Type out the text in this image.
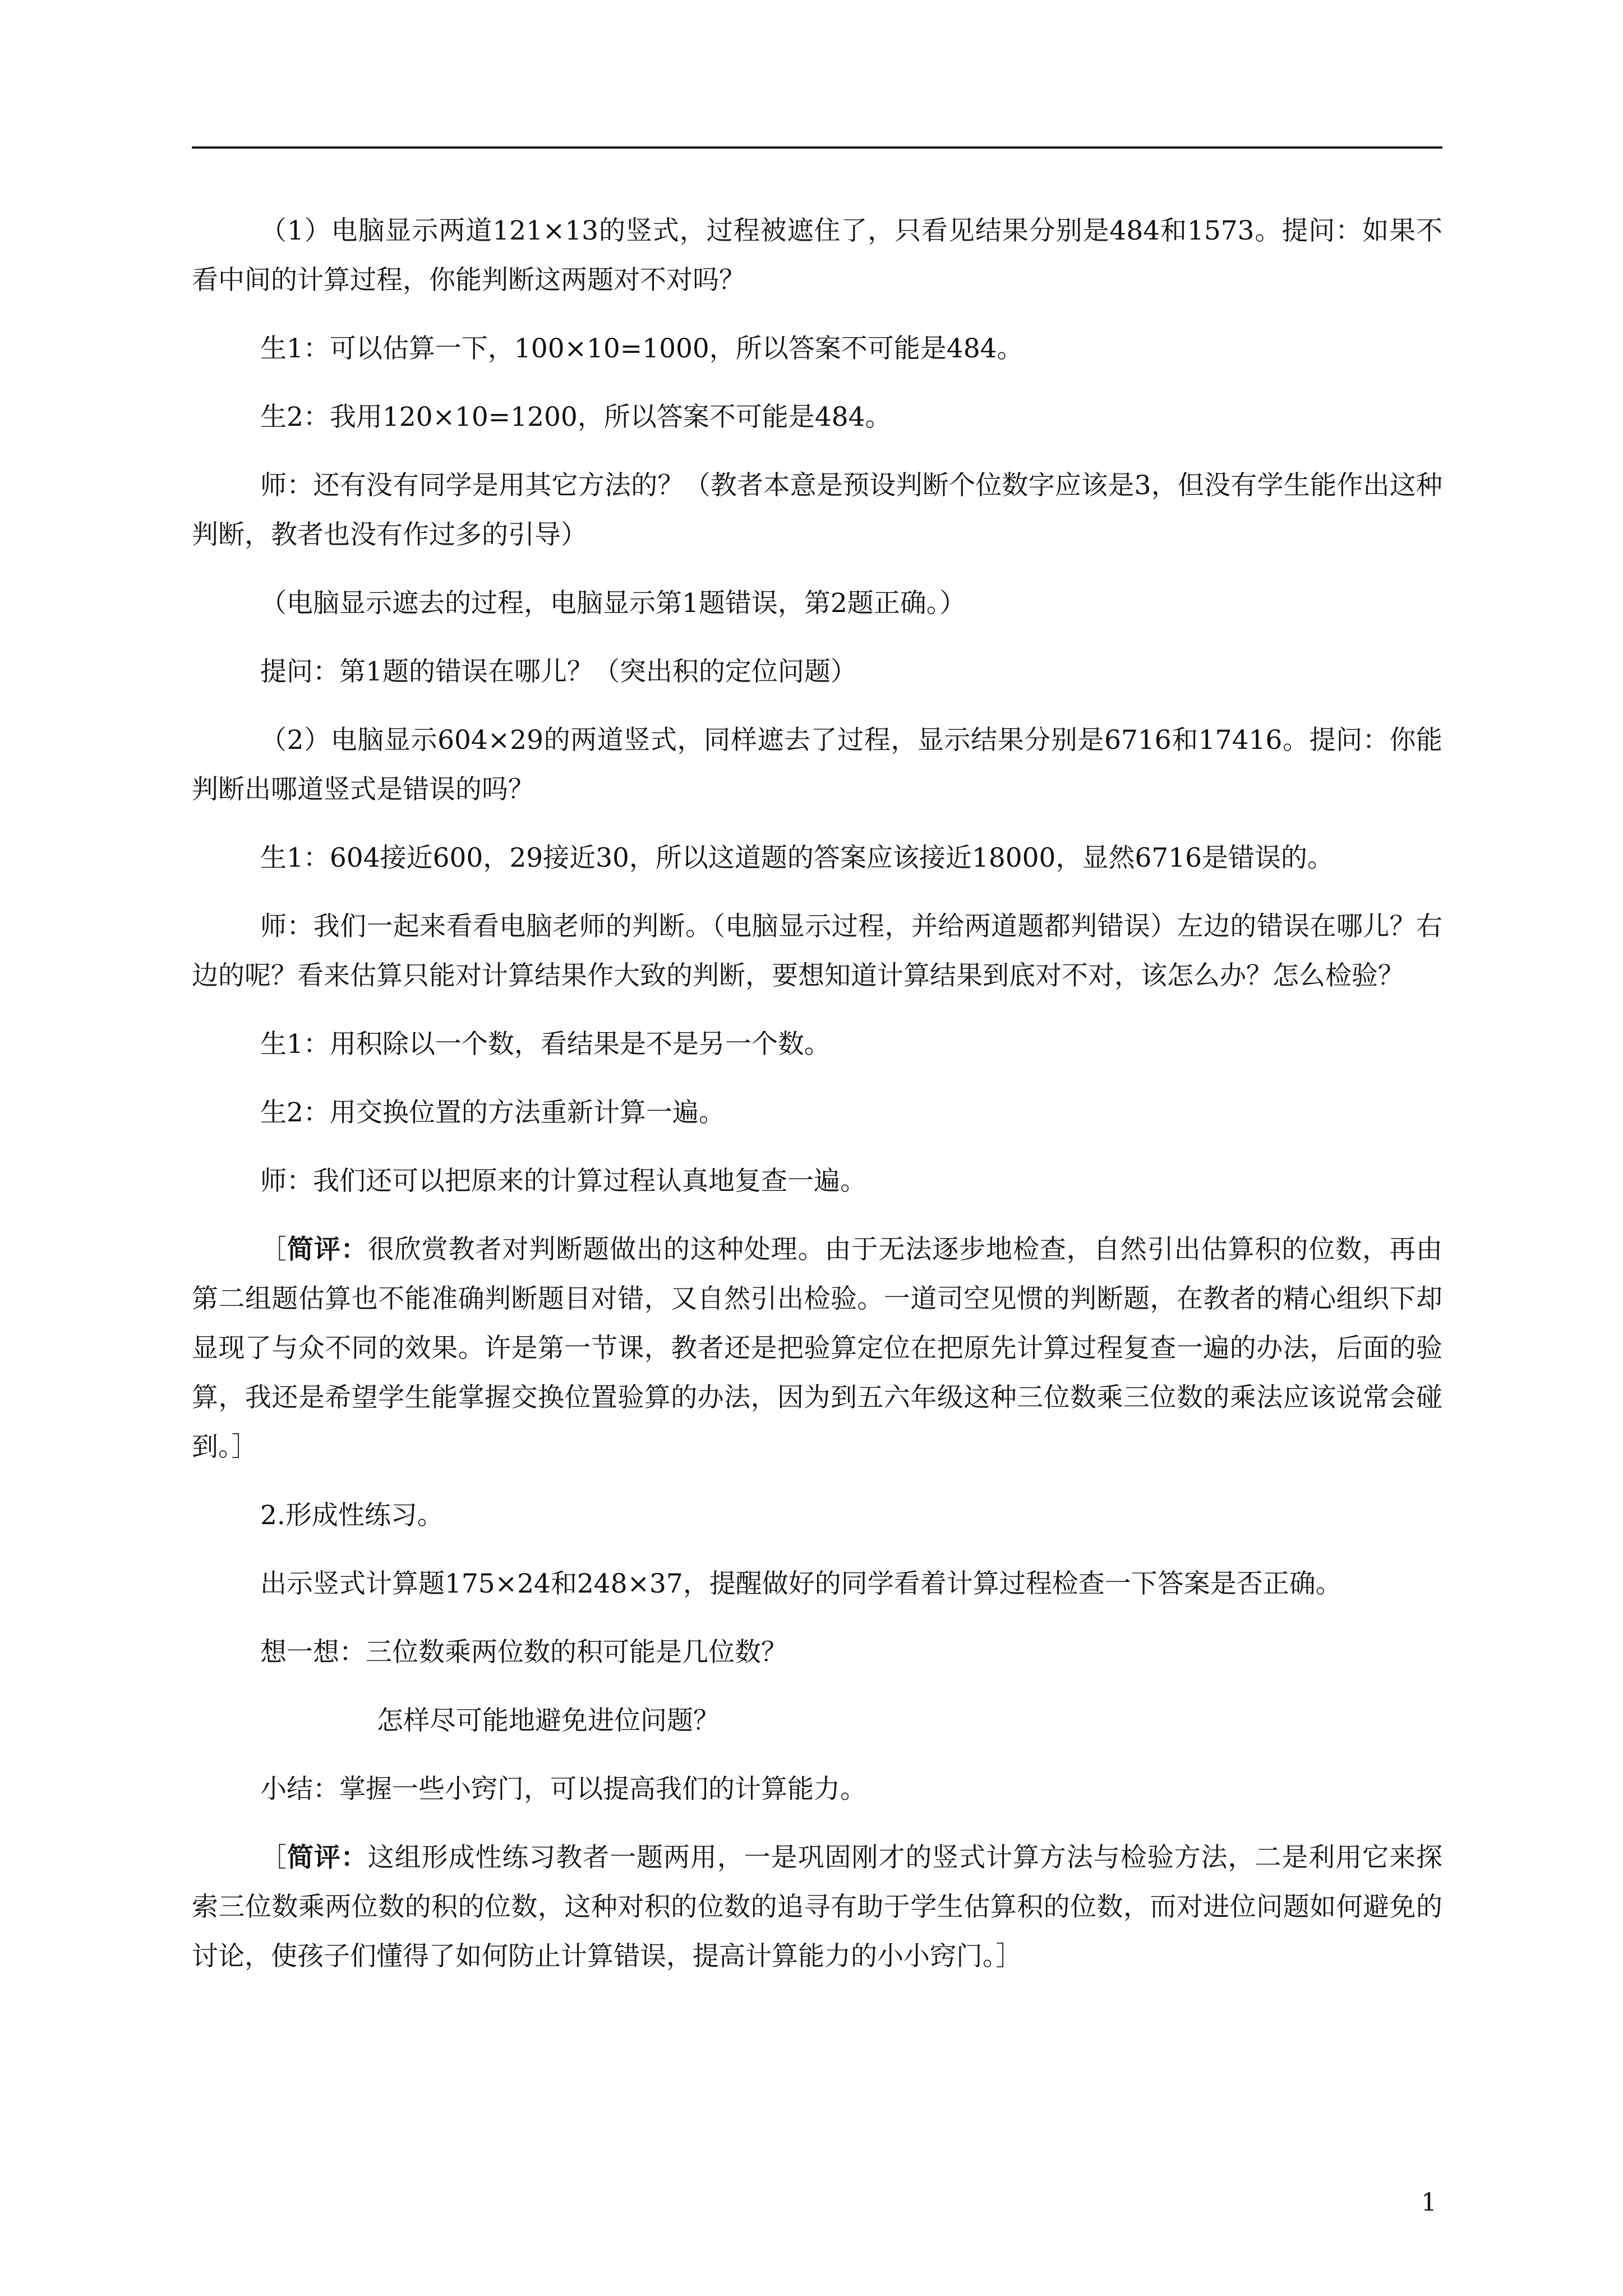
（1）电脑显示两道121×13的竖式，过程被遮住了，只看见结果分别是484和1573。提问：如果不看中间的计算过程，你能判断这两题对不对吗？

生1：可以估算一下，100×10=1000，所以答案不可能是484。

生2：我用120×10=1200，所以答案不可能是484。

师：还有没有同学是用其它方法的？（教者本意是预设判断个位数字应该是3，但没有学生能作出这种判断，教者也没有作过多的引导）

（电脑显示遮去的过程，电脑显示第1题错误，第2题正确。）

提问：第1题的错误在哪儿？（突出积的定位问题）

（2）电脑显示604×29的两道竖式，同样遮去了过程，显示结果分别是6716和17416。提问：你能判断出哪道竖式是错误的吗？

生1：604接近600，29接近30，所以这道题的答案应该接近18000，显然6716是错误的。

师：我们一起来看看电脑老师的判断。（电脑显示过程，并给两道题都判错误）左边的错误在哪儿？右边的呢？看来估算只能对计算结果作大致的判断，要想知道计算结果到底对不对，该怎么办？怎么检验？

生1：用积除以一个数，看结果是不是另一个数。

生2：用交换位置的方法重新计算一遍。

师：我们还可以把原来的计算过程认真地复查一遍。

［简评：很欣赏教者对判断题做出的这种处理。由于无法逐步地检查，自然引出估算积的位数，再由第二组题估算也不能准确判断题目对错，又自然引出检验。一道司空见惯的判断题，在教者的精心组织下却显现了与众不同的效果。许是第一节课，教者还是把验算定位在把原先计算过程复查一遍的办法，后面的验算，我还是希望学生能掌握交换位置验算的办法，因为到五六年级这种三位数乘三位数的乘法应该说常会碰到。］

2.形成性练习。

出示竖式计算题175×24和248×37，提醒做好的同学看着计算过程检查一下答案是否正确。

想一想：三位数乘两位数的积可能是几位数？

怎样尽可能地避免进位问题？

小结：掌握一些小窍门，可以提高我们的计算能力。

［简评：这组形成性练习教者一题两用，一是巩固刚才的竖式计算方法与检验方法，二是利用它来探索三位数乘两位数的积的位数，这种对积的位数的追寻有助于学生估算积的位数，而对进位问题如何避免的讨论，使孩子们懂得了如何防止计算错误，提高计算能力的小小窍门。］

1
